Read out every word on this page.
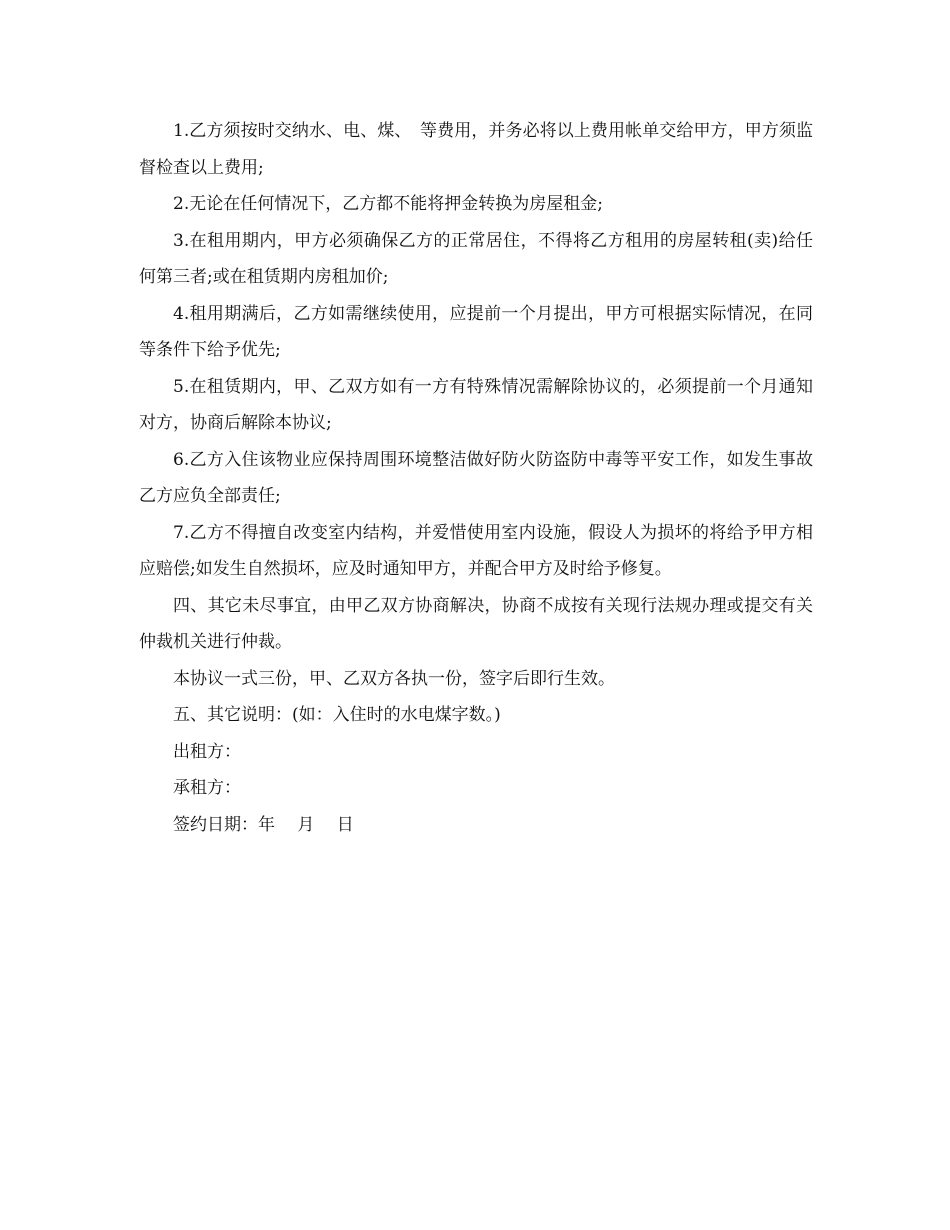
1.乙方须按时交纳水、电、煤、　等费用，并务必将以上费用帐单交给甲方，甲方须监督检查以上费用;

2.无论在任何情况下，乙方都不能将押金转换为房屋租金;

3.在租用期内，甲方必须确保乙方的正常居住，不得将乙方租用的房屋转租(卖)给任何第三者;或在租赁期内房租加价;

4.租用期满后，乙方如需继续使用，应提前一个月提出，甲方可根据实际情况，在同等条件下给予优先;

5.在租赁期内，甲、乙双方如有一方有特殊情况需解除协议的，必须提前一个月通知对方，协商后解除本协议;

6.乙方入住该物业应保持周围环境整洁做好防火防盗防中毒等平安工作，如发生事故乙方应负全部责任;

7.乙方不得擅自改变室内结构，并爱惜使用室内设施，假设人为损坏的将给予甲方相应赔偿;如发生自然损坏，应及时通知甲方，并配合甲方及时给予修复。

四、其它未尽事宜，由甲乙双方协商解决，协商不成按有关现行法规办理或提交有关仲裁机关进行仲裁。

本协议一式三份，甲、乙双方各执一份，签字后即行生效。

五、其它说明：(如：入住时的水电煤字数。)

出租方：

承租方：

签约日期：年　 月　 日
